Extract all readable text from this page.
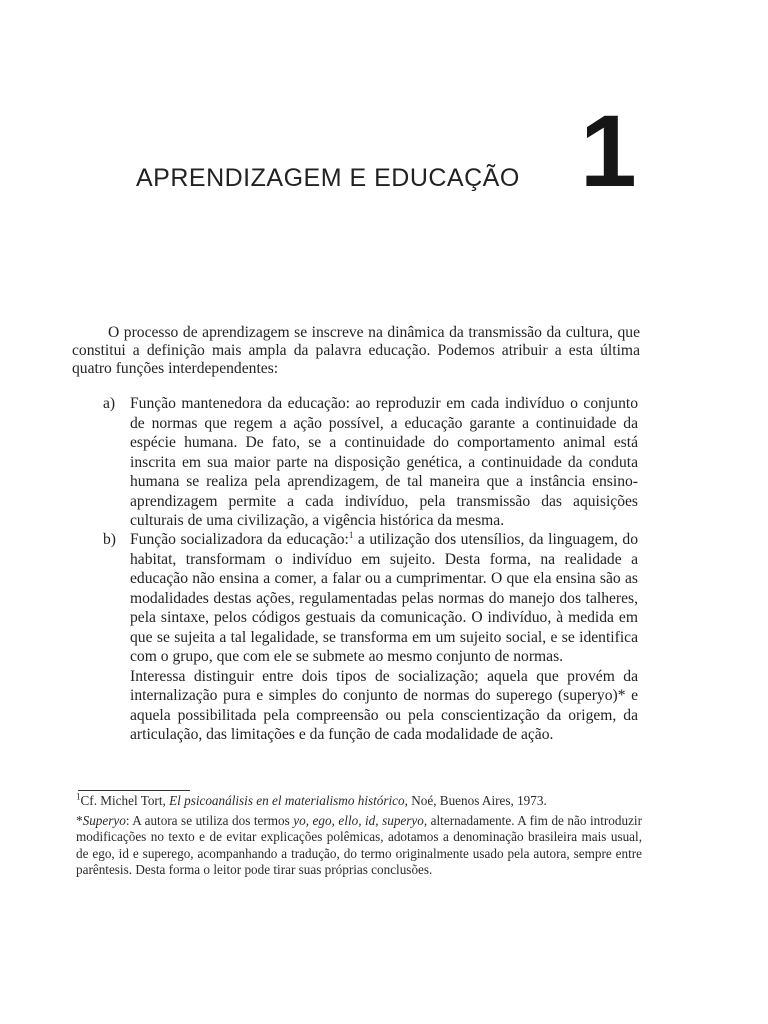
APRENDIZAGEM E EDUCAÇÃO 1
O processo de aprendizagem se inscreve na dinâmica da transmissão da cultura, que constitui a definição mais ampla da palavra educação. Podemos atribuir a esta última quatro funções interdependentes:
a) Função mantenedora da educação: ao reproduzir em cada indivíduo o conjunto de normas que regem a ação possível, a educação garante a continuidade da espécie humana. De fato, se a continuidade do comportamento animal está inscrita em sua maior parte na disposição genética, a continuidade da conduta humana se realiza pela aprendizagem, de tal maneira que a instância ensino-aprendizagem permite a cada indivíduo, pela transmissão das aquisições culturais de uma civilização, a vigência histórica da mesma.

b) Função socializadora da educação:$^1$ a utilização dos utensílios, da linguagem, do habitat, transformam o indivíduo em sujeito. Desta forma, na realidade a educação não ensina a comer, a falar ou a cumprimentar. O que ela ensina são as modalidades destas ações, regulamentadas pelas normas do manejo dos talheres, pela sintaxe, pelos códigos gestuais da comunicação. O indivíduo, à medida em que se sujeita a tal legalidade, se transforma em um sujeito social, e se identifica com o grupo, que com ele se submete ao mesmo conjunto de normas.

Interessa distinguir entre dois tipos de socialização; aquela que provém da internalização pura e simples do conjunto de normas do superego (superyo)* e aquela possibilitada pela compreensão ou pela conscientização da origem, da articulação, das limitações e da função de cada modalidade de ação.

$^1$Cf. Michel Tort, El psicoanálisis en el materialismo histórico, Noé, Buenos Aires, 1973.

*Superyo: A autora se utiliza dos termos yo, ego, ello, id, superyo, alternadamente. A fim de não introduzir modificações no texto e de evitar explicações polêmicas, adotamos a denominação brasileira mais usual, de ego, id e superego, acompanhando a tradução, do termo originalmente usado pela autora, sempre entre parêntesis. Desta forma o leitor pode tirar suas próprias conclusões.
